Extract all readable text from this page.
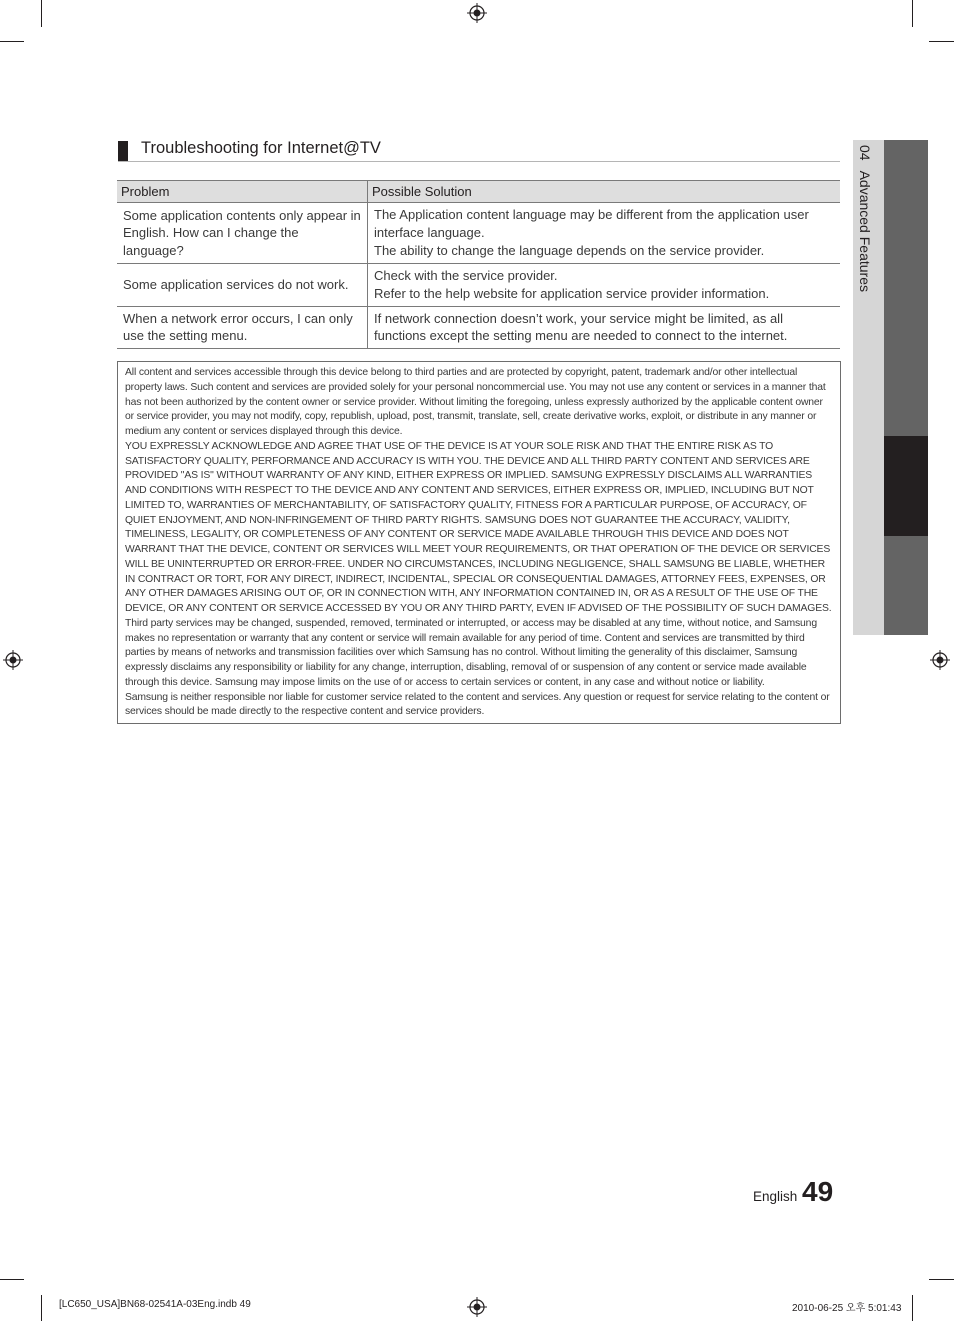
Troubleshooting for Internet@TV
Problem	Possible Solution
Some application contents only appear in English. How can I change the language?	The Application content language may be different from the application user interface language.
The ability to change the language depends on the service provider.

Some application services do not work.	Check with the service provider.
Refer to the help website for application service provider information.

When a network error occurs, I can only use the setting menu.	If network connection doesn’t work, your service might be limited, as all functions except the setting menu are needed to connect to the internet.

All content and services accessible through this device belong to third parties and are protected by copyright, patent, trademark and/or other intellectual property laws. Such content and services are provided solely for your personal noncommercial use. You may not use any content or services in a manner that has not been authorized by the content owner or service provider. Without limiting the foregoing, unless expressly authorized by the applicable content owner or service provider, you may not modify, copy, republish, upload, post, transmit, translate, sell, create derivative works, exploit, or distribute in any manner or medium any content or services displayed through this device.

YOU EXPRESSLY ACKNOWLEDGE AND AGREE THAT USE OF THE DEVICE IS AT YOUR SOLE RISK AND THAT THE ENTIRE RISK AS TO SATISFACTORY QUALITY, PERFORMANCE AND ACCURACY IS WITH YOU. THE DEVICE AND ALL THIRD PARTY CONTENT AND SERVICES ARE PROVIDED "AS IS" WITHOUT WARRANTY OF ANY KIND, EITHER EXPRESS OR IMPLIED. SAMSUNG EXPRESSLY DISCLAIMS ALL WARRANTIES AND CONDITIONS WITH RESPECT TO THE DEVICE AND ANY CONTENT AND SERVICES, EITHER EXPRESS OR, IMPLIED, INCLUDING BUT NOT LIMITED TO, WARRANTIES OF MERCHANTABILITY, OF SATISFACTORY QUALITY, FITNESS FOR A PARTICULAR PURPOSE, OF ACCURACY, OF QUIET ENJOYMENT, AND NON-INFRINGEMENT OF THIRD PARTY RIGHTS. SAMSUNG DOES NOT GUARANTEE THE ACCURACY, VALIDITY, TIMELINESS, LEGALITY, OR COMPLETENESS OF ANY CONTENT OR SERVICE MADE AVAILABLE THROUGH THIS DEVICE AND DOES NOT WARRANT THAT THE DEVICE, CONTENT OR SERVICES WILL MEET YOUR REQUIREMENTS, OR THAT OPERATION OF THE DEVICE OR SERVICES WILL BE UNINTERRUPTED OR ERROR-FREE. UNDER NO CIRCUMSTANCES, INCLUDING NEGLIGENCE, SHALL SAMSUNG BE LIABLE, WHETHER IN CONTRACT OR TORT, FOR ANY DIRECT, INDIRECT, INCIDENTAL, SPECIAL OR CONSEQUENTIAL DAMAGES, ATTORNEY FEES, EXPENSES, OR ANY OTHER DAMAGES ARISING OUT OF, OR IN CONNECTION WITH, ANY INFORMATION CONTAINED IN, OR AS A RESULT OF THE USE OF THE DEVICE, OR ANY CONTENT OR SERVICE ACCESSED BY YOU OR ANY THIRD PARTY, EVEN IF ADVISED OF THE POSSIBILITY OF SUCH DAMAGES.

Third party services may be changed, suspended, removed, terminated or interrupted, or access may be disabled at any time, without notice, and Samsung makes no representation or warranty that any content or service will remain available for any period of time. Content and services are transmitted by third parties by means of networks and transmission facilities over which Samsung has no control. Without limiting the generality of this disclaimer, Samsung expressly disclaims any responsibility or liability for any change, interruption, disabling, removal of or suspension of any content or service made available through this device. Samsung may impose limits on the use of or access to certain services or content, in any case and without notice or liability.

Samsung is neither responsible nor liable for customer service related to the content and services. Any question or request for service relating to the content or services should be made directly to the respective content and service providers.

04Advanced Features
English 49
[LC650_USA]BN68-02541A-03Eng.indb 49	2010-06-25 오후 5:01:43
